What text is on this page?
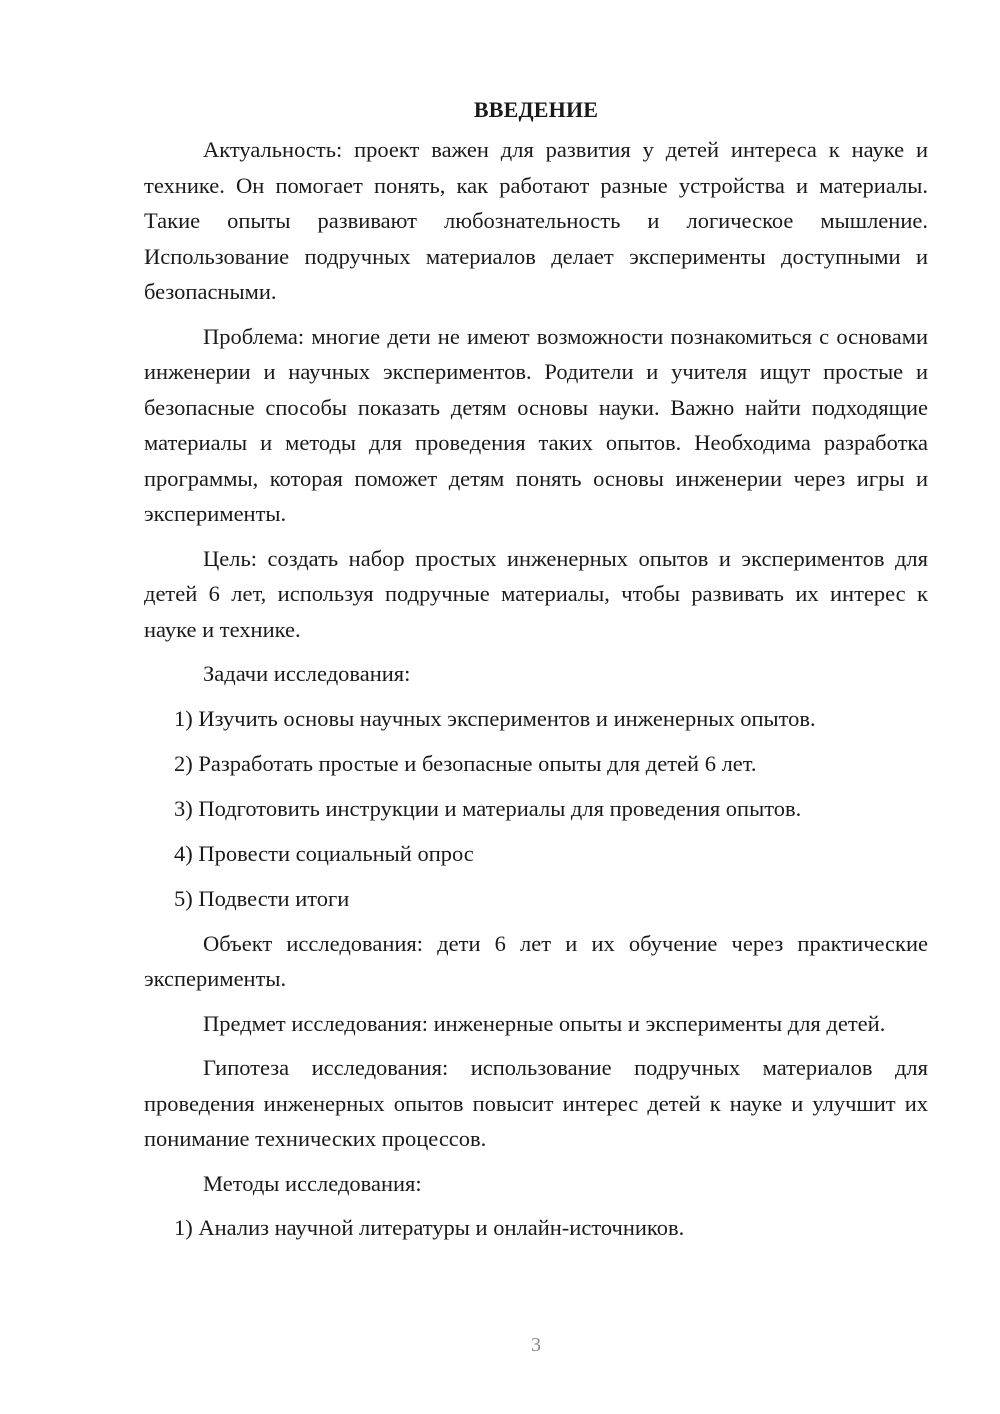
ВВЕДЕНИЕ

Актуальность: проект важен для развития у детей интереса к науке и технике. Он помогает понять, как работают разные устройства и материалы. Такие опыты развивают любознательность и логическое мышление. Использование подручных материалов делает эксперименты доступными и безопасными.

Проблема: многие дети не имеют возможности познакомиться с основами инженерии и научных экспериментов. Родители и учителя ищут простые и безопасные способы показать детям основы науки. Важно найти подходящие материалы и методы для проведения таких опытов. Необходима разработка программы, которая поможет детям понять основы инженерии через игры и эксперименты.

Цель: создать набор простых инженерных опытов и экспериментов для детей 6 лет, используя подручные материалы, чтобы развивать их интерес к науке и технике.

Задачи исследования:

1) Изучить основы научных экспериментов и инженерных опытов.
2) Разработать простые и безопасные опыты для детей 6 лет.
3) Подготовить инструкции и материалы для проведения опытов.
4) Провести социальный опрос
5) Подвести итоги

Объект исследования: дети 6 лет и их обучение через практические эксперименты.

Предмет исследования: инженерные опыты и эксперименты для детей.

Гипотеза исследования: использование подручных материалов для проведения инженерных опытов повысит интерес детей к науке и улучшит их понимание технических процессов.

Методы исследования:

1) Анализ научной литературы и онлайн-источников.
3
